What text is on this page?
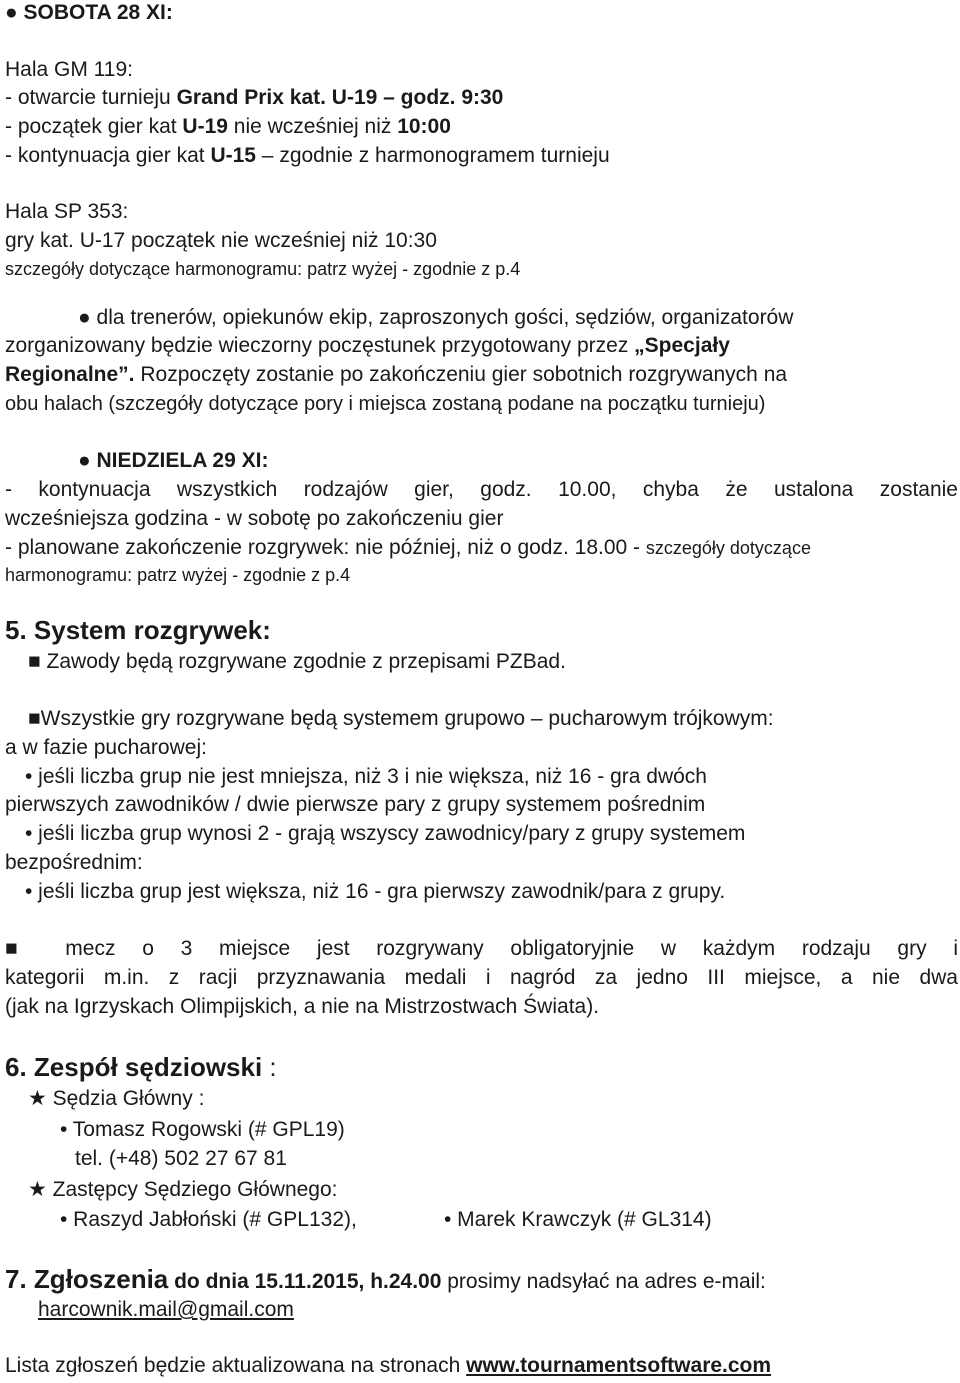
● SOBOTA 28 XI:
Hala GM 119:
- otwarcie turnieju Grand Prix kat. U-19 – godz. 9:30
- początek gier kat U-19 nie wcześniej niż 10:00
- kontynuacja gier kat U-15 – zgodnie z harmonogramem turnieju
Hala SP 353:
gry kat. U-17 początek nie wcześniej niż 10:30
szczegóły dotyczące harmonogramu: patrz wyżej - zgodnie z p.4
● dla trenerów, opiekunów ekip, zaproszonych gości, sędziów, organizatorów
zorganizowany będzie wieczorny poczęstunek przygotowany przez „Specjały
Regionalne”. Rozpoczęty zostanie po zakończeniu gier sobotnich rozgrywanych na
obu halach (szczegóły dotyczące pory i miejsca zostaną podane na początku turnieju)
● NIEDZIELA 29 XI:
- kontynuacja wszystkich rodzajów gier, godz. 10.00, chyba że ustalona zostanie
wcześniejsza godzina - w sobotę po zakończeniu gier
- planowane zakończenie rozgrywek: nie później, niż o godz. 18.00 - szczegóły dotyczące
harmonogramu: patrz wyżej - zgodnie z p.4
5. System rozgrywek:
■ Zawody będą rozgrywane zgodnie z przepisami PZBad.
■Wszystkie gry rozgrywane będą systemem grupowo – pucharowym trójkowym:
a w fazie pucharowej:
• jeśli liczba grup nie jest mniejsza, niż 3 i nie większa, niż 16 - gra dwóch
pierwszych zawodników / dwie pierwsze pary z grupy systemem pośrednim
• jeśli liczba grup wynosi 2 - grają wszyscy zawodnicy/pary z grupy systemem
bezpośrednim:
• jeśli liczba grup jest większa, niż 16 - gra pierwszy zawodnik/para z grupy.
■ mecz o 3 miejsce jest rozgrywany obligatoryjnie w każdym rodzaju gry i
kategorii m.in. z racji przyznawania medali i nagród za jedno III miejsce, a nie dwa
(jak na Igrzyskach Olimpijskich, a nie na Mistrzostwach Świata).
6. Zespół sędziowski :
★ Sędzia Główny :
• Tomasz Rogowski (# GPL19)
tel. (+48) 502 27 67 81
★ Zastępcy Sędziego Głównego:
• Raszyd Jabłoński (# GPL132),	• Marek Krawczyk (# GL314)
7. Zgłoszenia do dnia 15.11.2015, h.24.00 prosimy nadsyłać na adres e-mail:
harcownik.mail@gmail.com
Lista zgłoszeń będzie aktualizowana na stronach www.tournamentsoftware.com
